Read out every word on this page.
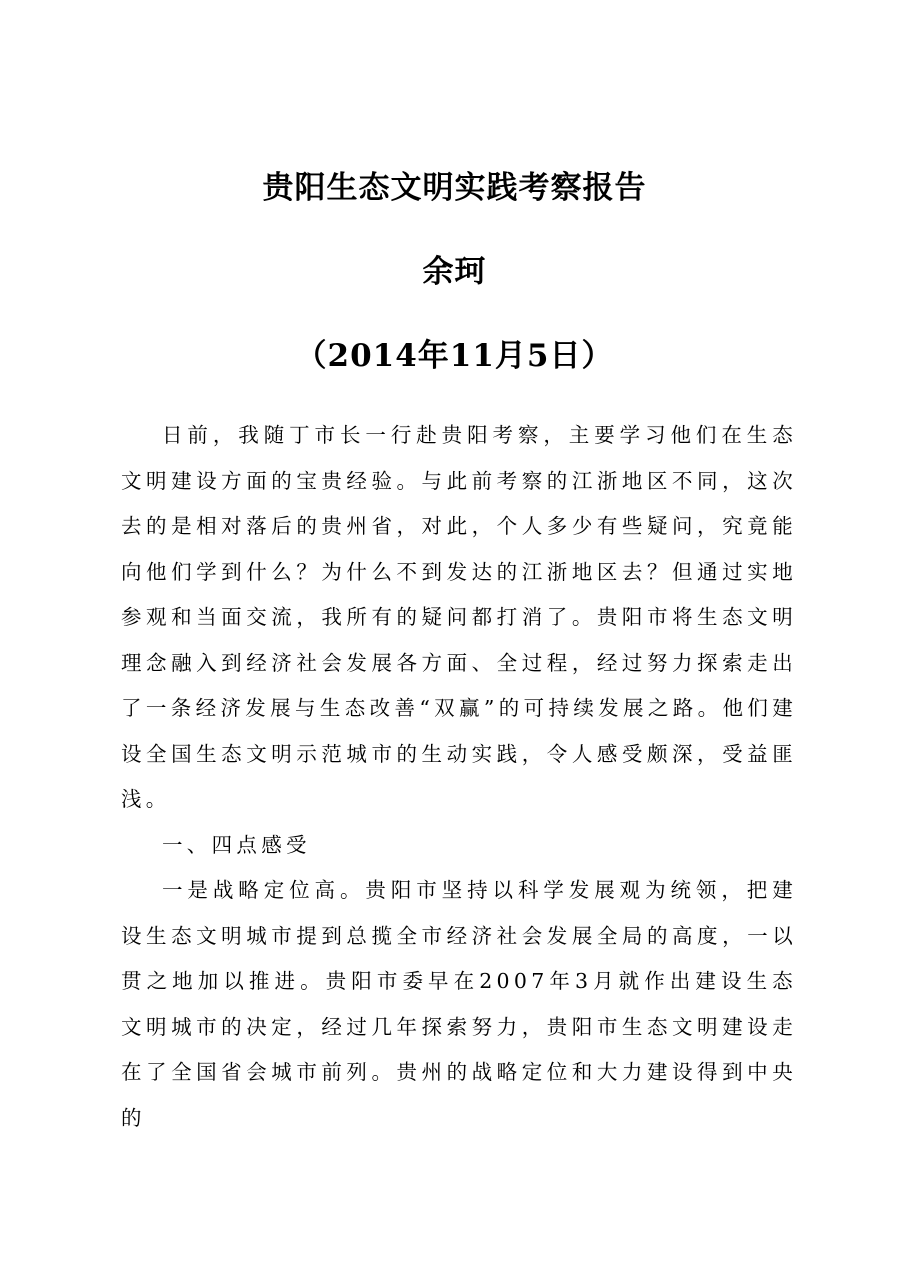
贵阳生态文明实践考察报告
余珂
（2014年11月5日）

日前，我随丁市长一行赴贵阳考察，主要学习他们在生态文明建设方面的宝贵经验。与此前考察的江浙地区不同，这次去的是相对落后的贵州省，对此，个人多少有些疑问，究竟能向他们学到什么？为什么不到发达的江浙地区去？但通过实地参观和当面交流，我所有的疑问都打消了。贵阳市将生态文明理念融入到经济社会发展各方面、全过程，经过努力探索走出了一条经济发展与生态改善“双赢”的可持续发展之路。他们建设全国生态文明示范城市的生动实践，令人感受颇深，受益匪浅。

一、四点感受

一是战略定位高。贵阳市坚持以科学发展观为统领，把建设生态文明城市提到总揽全市经济社会发展全局的高度，一以贯之地加以推进。贵阳市委早在2007年3月就作出建设生态文明城市的决定，经过几年探索努力，贵阳市生态文明建设走在了全国省会城市前列。贵州的战略定位和大力建设得到中央的
